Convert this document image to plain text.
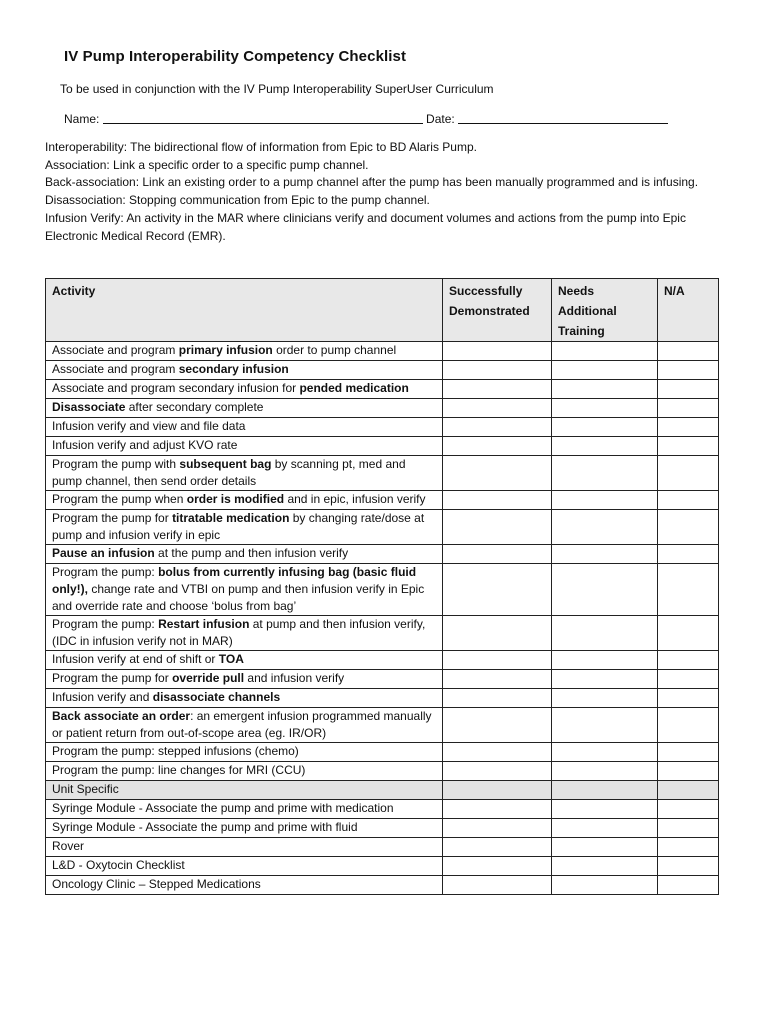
IV Pump Interoperability Competency Checklist
To be used in conjunction with the IV Pump Interoperability SuperUser Curriculum
Name:	Date:
Interoperability: The bidirectional flow of information from Epic to BD Alaris Pump.
Association: Link a specific order to a specific pump channel.
Back-association: Link an existing order to a pump channel after the pump has been manually programmed and is infusing.
Disassociation: Stopping communication from Epic to the pump channel.
Infusion Verify: An activity in the MAR where clinicians verify and document volumes and actions from the pump into Epic Electronic Medical Record (EMR).
Activity	Successfully Demonstrated	Needs Additional Training	N/A
Associate and program primary infusion order to pump channel			
Associate and program secondary infusion			
Associate and program secondary infusion for pended medication			
Disassociate after secondary complete			
Infusion verify and view and file data			
Infusion verify and adjust KVO rate			
Program the pump with subsequent bag by scanning pt, med and pump channel, then send order details			
Program the pump when order is modified and in epic, infusion verify			
Program the pump for titratable medication by changing rate/dose at pump and infusion verify in epic			
Pause an infusion at the pump and then infusion verify			
Program the pump: bolus from currently infusing bag (basic fluid only!), change rate and VTBI on pump and then infusion verify in Epic and override rate and choose ‘bolus from bag’			
Program the pump: Restart infusion at pump and then infusion verify, (IDC in infusion verify not in MAR)			
Infusion verify at end of shift or TOA			
Program the pump for override pull and infusion verify			
Infusion verify and disassociate channels			
Back associate an order: an emergent infusion programmed manually or patient return from out-of-scope area (eg. IR/OR)			
Program the pump: stepped infusions (chemo)			
Program the pump: line changes for MRI (CCU)			
Unit Specific			
Syringe Module - Associate the pump and prime with medication			
Syringe Module - Associate the pump and prime with fluid			
Rover			
L&D - Oxytocin Checklist			
Oncology Clinic – Stepped Medications			
